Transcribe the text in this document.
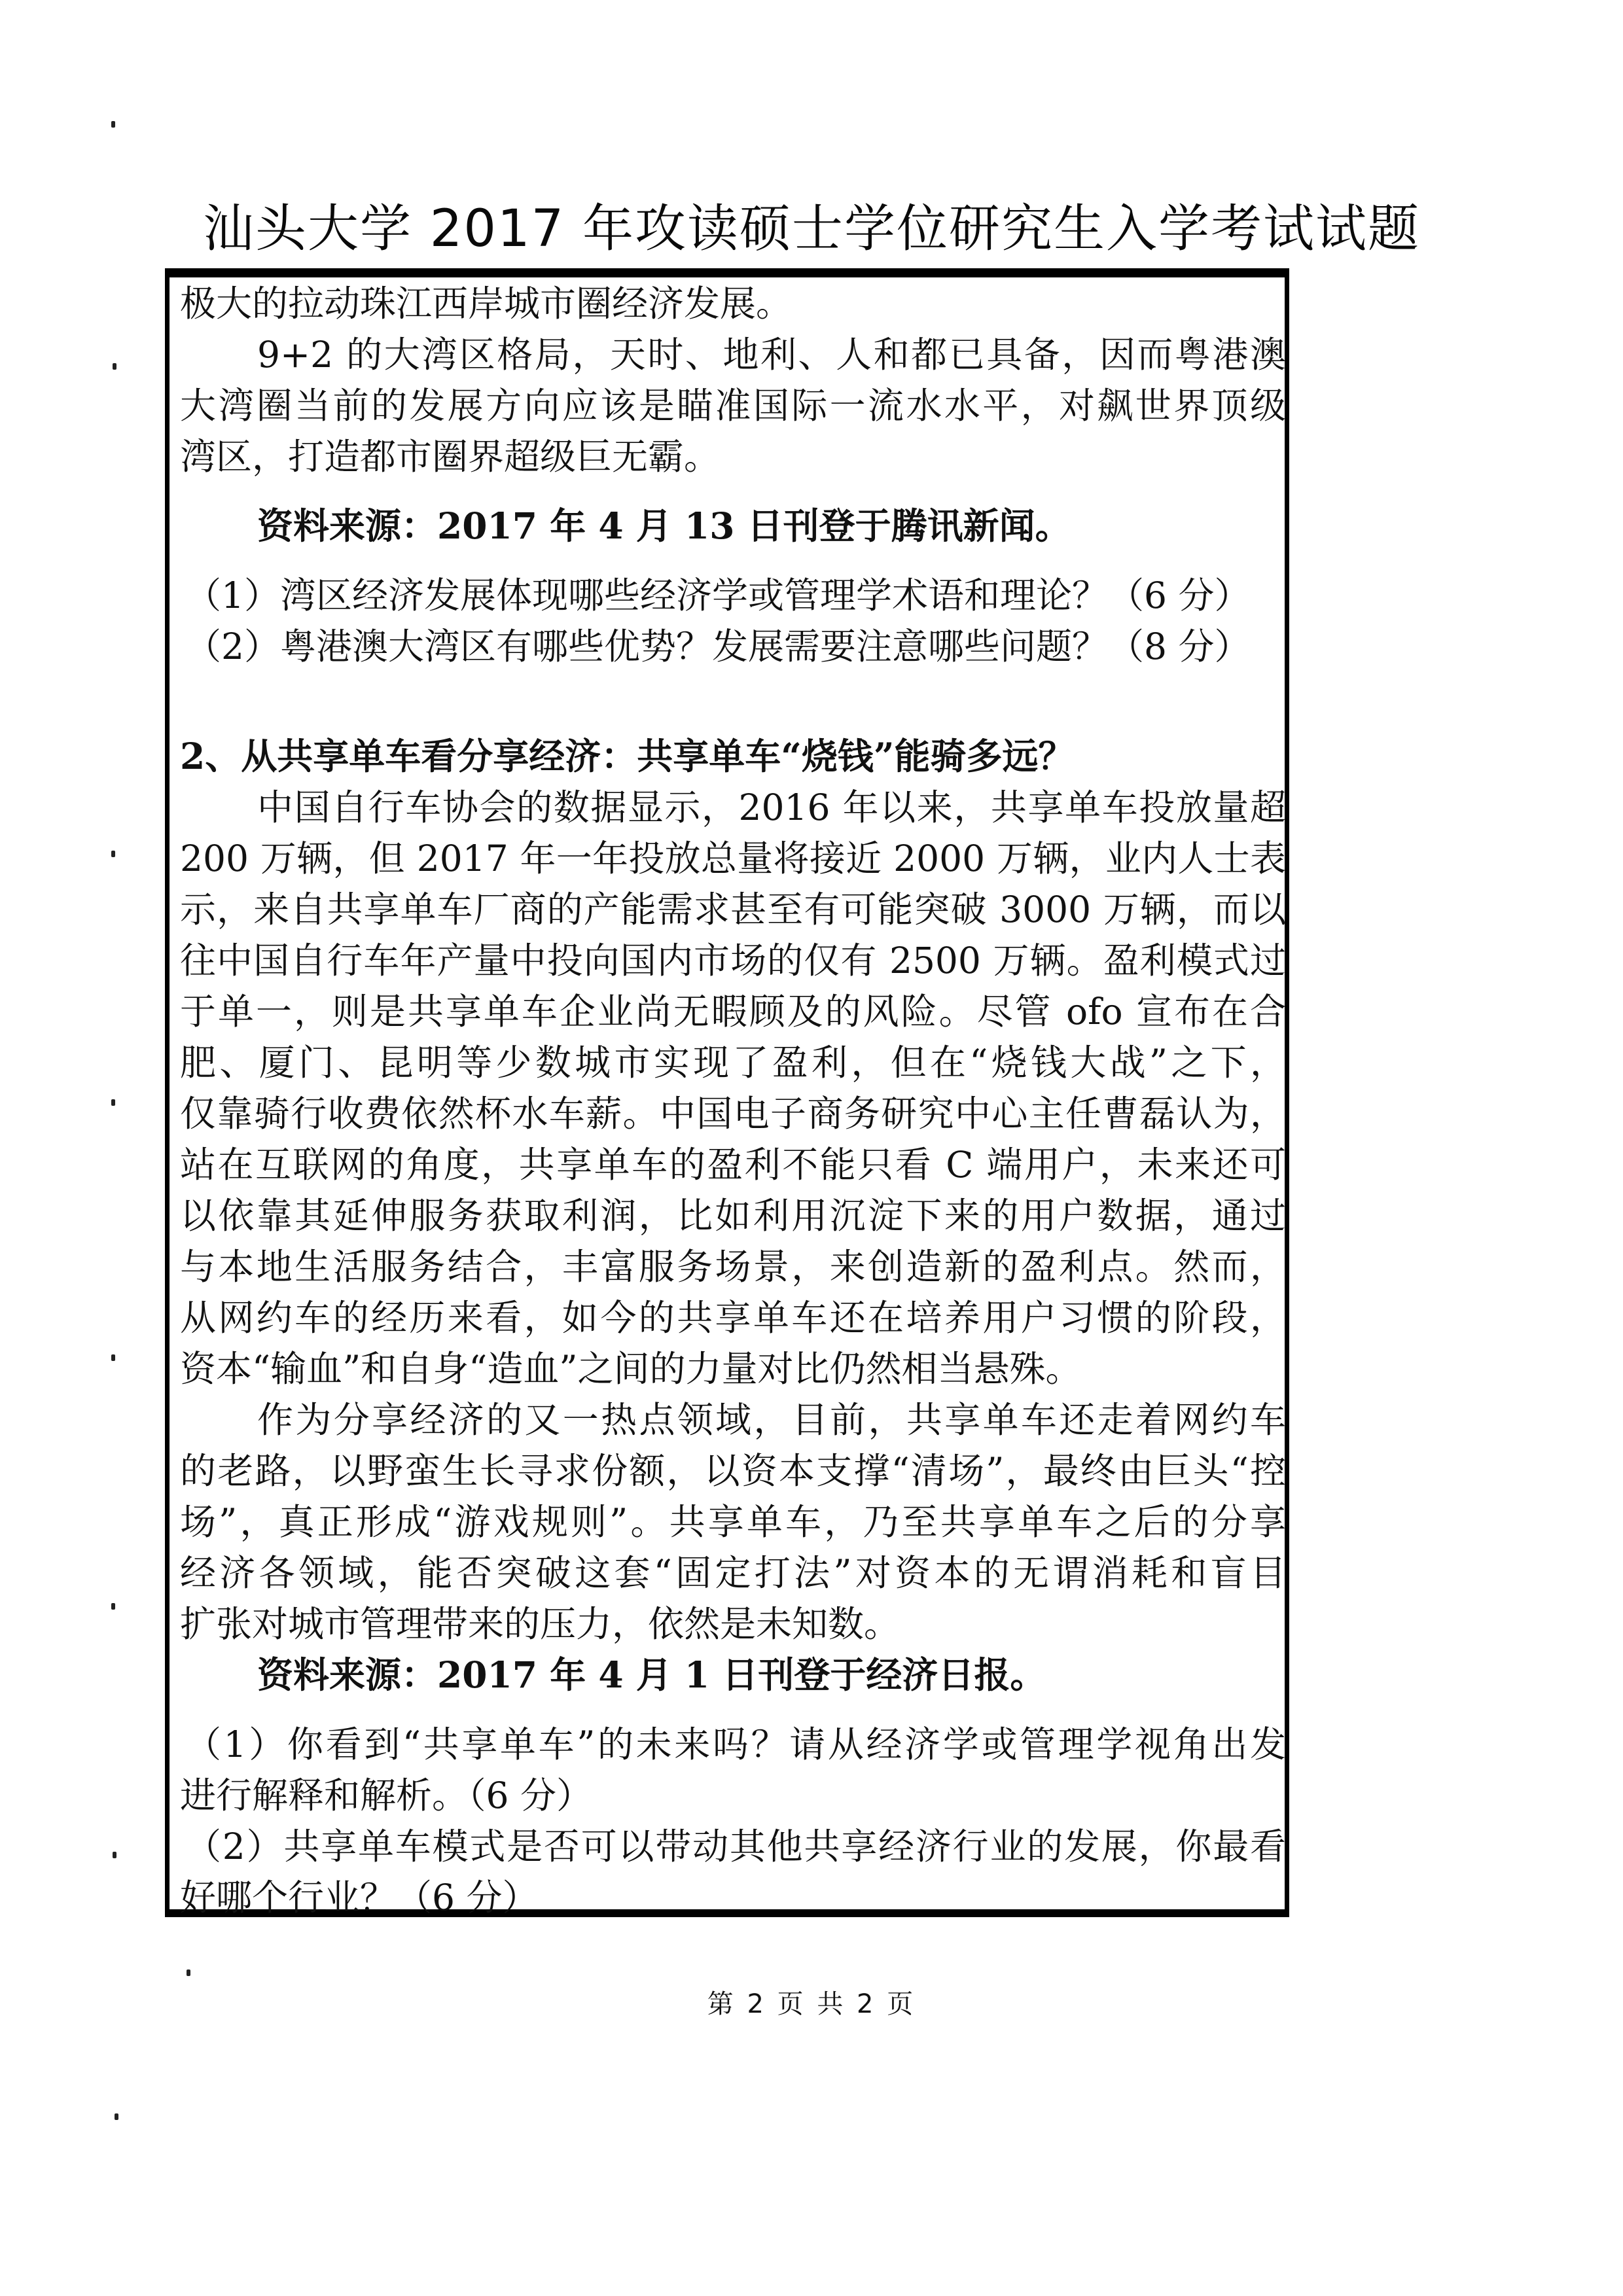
汕头大学 2017 年攻读硕士学位研究生入学考试试题
极大的拉动珠江西岸城市圈经济发展。
9+2 的大湾区格局，天时、地利、人和都已具备，因而粤港澳
大湾圈当前的发展方向应该是瞄准国际一流水水平，对飙世界顶级
湾区，打造都市圈界超级巨无霸。
资料来源：2017 年 4 月 13 日刊登于腾讯新闻。
（1）湾区经济发展体现哪些经济学或管理学术语和理论？（6 分）
（2）粤港澳大湾区有哪些优势？发展需要注意哪些问题？（8 分）
2、从共享单车看分享经济：共享单车“烧钱”能骑多远？
中国自行车协会的数据显示，2016 年以来，共享单车投放量超
200 万辆，但 2017 年一年投放总量将接近 2000 万辆，业内人士表
示，来自共享单车厂商的产能需求甚至有可能突破 3000 万辆，而以
往中国自行车年产量中投向国内市场的仅有 2500 万辆。盈利模式过
于单一，则是共享单车企业尚无暇顾及的风险。尽管 ofo 宣布在合
肥、厦门、昆明等少数城市实现了盈利，但在“烧钱大战”之下，
仅靠骑行收费依然杯水车薪。中国电子商务研究中心主任曹磊认为，
站在互联网的角度，共享单车的盈利不能只看 C 端用户，未来还可
以依靠其延伸服务获取利润，比如利用沉淀下来的用户数据，通过
与本地生活服务结合，丰富服务场景，来创造新的盈利点。然而，
从网约车的经历来看，如今的共享单车还在培养用户习惯的阶段，
资本“输血”和自身“造血”之间的力量对比仍然相当悬殊。
作为分享经济的又一热点领域，目前，共享单车还走着网约车
的老路，以野蛮生长寻求份额，以资本支撑“清场”，最终由巨头“控
场”，真正形成“游戏规则”。共享单车，乃至共享单车之后的分享
经济各领域，能否突破这套“固定打法”对资本的无谓消耗和盲目
扩张对城市管理带来的压力，依然是未知数。
资料来源：2017 年 4 月 1 日刊登于经济日报。
（1）你看到“共享单车”的未来吗？请从经济学或管理学视角出发
进行解释和解析。（6 分）
（2）共享单车模式是否可以带动其他共享经济行业的发展，你最看
好哪个行业？（6 分）
第 2 页 共 2 页
